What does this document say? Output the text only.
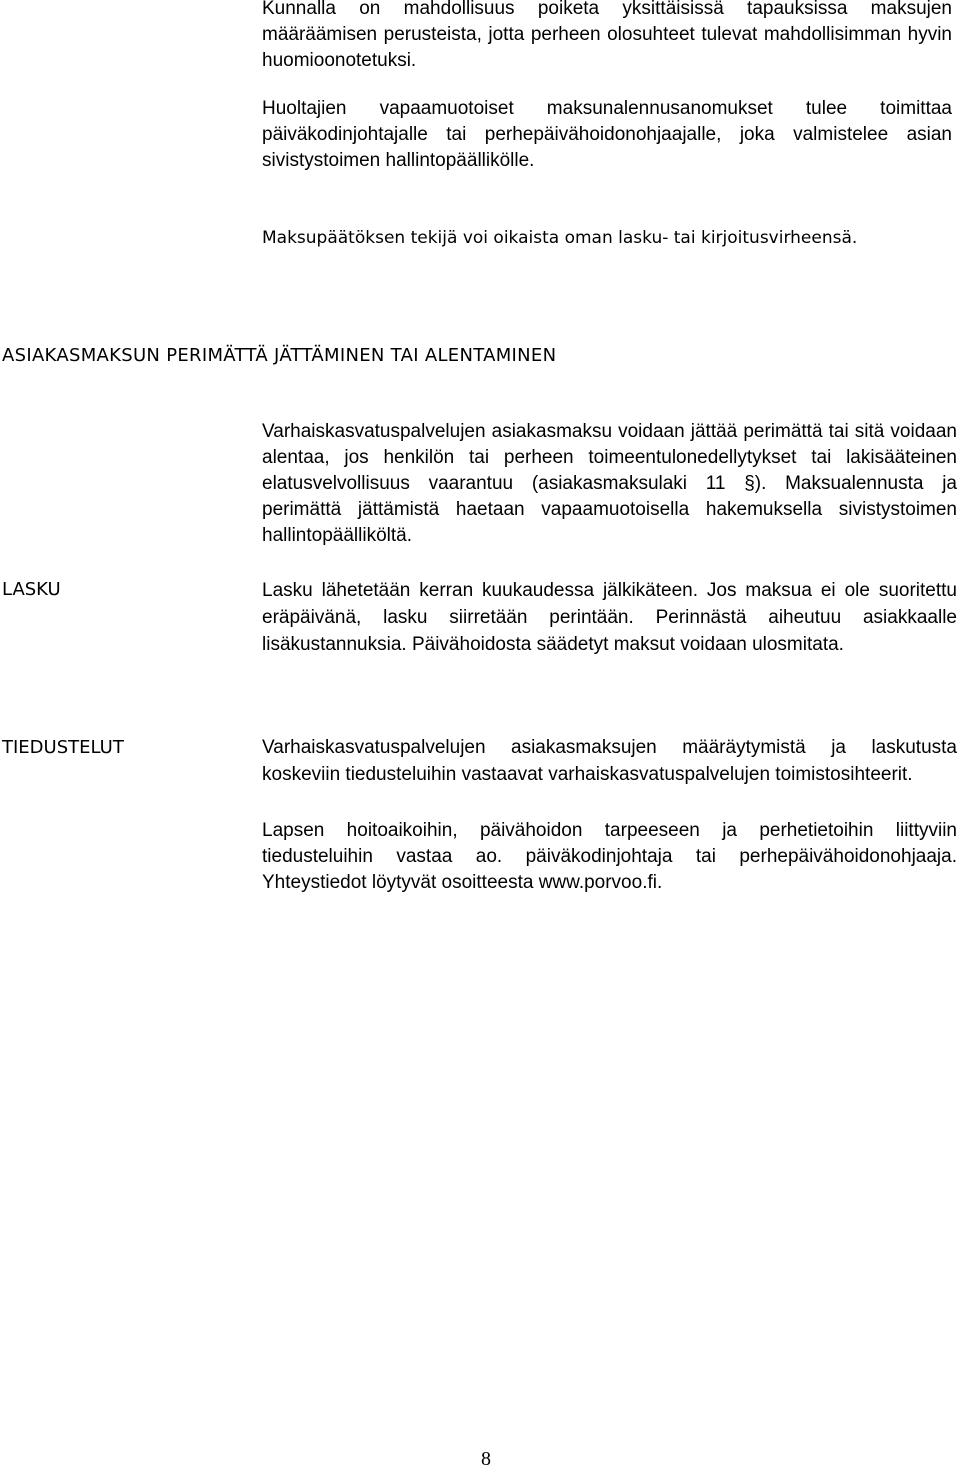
Kunnalla on mahdollisuus poiketa yksittäisissä tapauksissa maksujen määräämisen perusteista, jotta perheen olosuhteet tulevat mahdollisimman hyvin huomioonotetuksi.

Huoltajien vapaamuotoiset maksunalennusanomukset tulee toimittaa päiväkodinjohtajalle tai perhepäivähoidonohjaajalle, joka valmistelee asian sivistystoimen hallintopäällikölle.

Maksupäätöksen tekijä voi oikaista oman lasku- tai kirjoitusvirheensä.

ASIAKASMAKSUN PERIMÄTTÄ JÄTTÄMINEN TAI ALENTAMINEN

Varhaiskasvatuspalvelujen asiakasmaksu voidaan jättää perimättä tai sitä voidaan alentaa, jos henkilön tai perheen toimeentulonedellytykset tai lakisääteinen elatusvelvollisuus vaarantuu (asiakasmaksulaki 11 §). Maksualennusta ja perimättä jättämistä haetaan vapaamuotoisella hakemuksella sivistystoimen hallintopäälliköltä.

LASKU	Lasku lähetetään kerran kuukaudessa jälkikäteen. Jos maksua ei ole suoritettu eräpäivänä, lasku siirretään perintään. Perinnästä aiheutuu asiakkaalle lisäkustannuksia. Päivähoidosta säädetyt maksut voidaan ulosmitata.

TIEDUSTELUT	Varhaiskasvatuspalvelujen asiakasmaksujen määräytymistä ja laskutusta koskeviin tiedusteluihin vastaavat varhaiskasvatuspalvelujen toimistosihteerit.

Lapsen hoitoaikoihin, päivähoidon tarpeeseen ja perhetietoihin liittyviin tiedusteluihin vastaa ao. päiväkodinjohtaja tai perhepäivähoidonohjaaja. Yhteystiedot löytyvät osoitteesta www.porvoo.fi.

8
